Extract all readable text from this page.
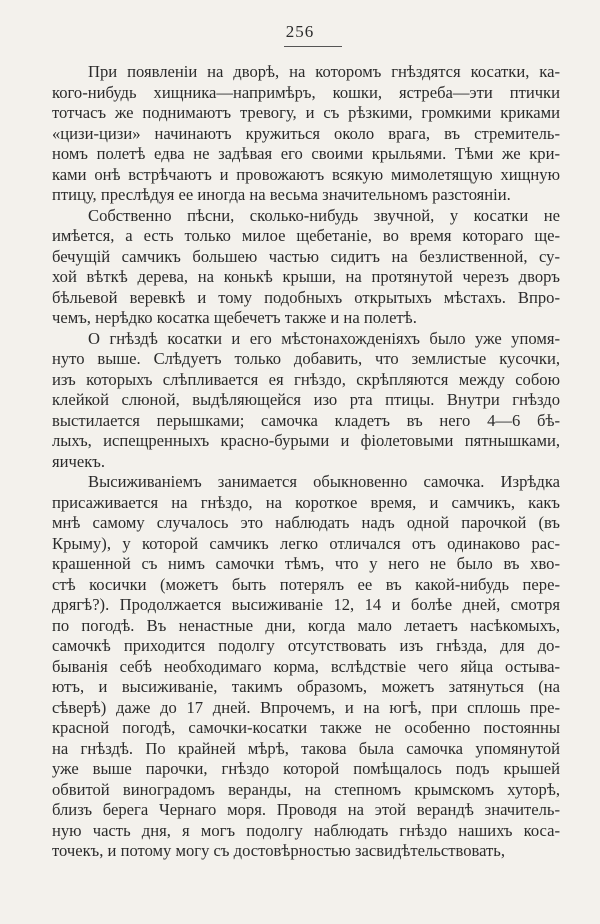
256
При появленіи на дворѣ, на которомъ гнѣздятся косатки, ка-
кого-нибудь хищника—напримѣръ, кошки, ястреба—эти птички
тотчасъ же поднимаютъ тревогу, и съ рѣзкими, громкими криками
«цизи-цизи» начинаютъ кружиться около врага, въ стремитель-
номъ полетѣ едва не задѣвая его своими крыльями. Тѣми же кри-
ками онѣ встрѣчаютъ и провожаютъ всякую мимолетящую хищную
птицу, преслѣдуя ее иногда на весьма значительномъ разстояніи.
Собственно пѣсни, сколько-нибудь звучной, у косатки не
имѣется, а есть только милое щебетаніе, во время котораго ще-
бечущій самчикъ большею частью сидитъ на безлиственной, су-
хой вѣткѣ дерева, на конькѣ крыши, на протянутой черезъ дворъ
бѣльевой веревкѣ и тому подобныхъ открытыхъ мѣстахъ. Впро-
чемъ, нерѣдко косатка щебечетъ также и на полетѣ.
О гнѣздѣ косатки и его мѣстонахожденіяхъ было уже упомя-
нуто выше. Слѣдуетъ только добавить, что землистые кусочки,
изъ которыхъ слѣпливается ея гнѣздо, скрѣпляются между собою
клейкой слюной, выдѣляющейся изо рта птицы. Внутри гнѣздо
выстилается перышками; самочка кладетъ въ него 4—6 бѣ-
лыхъ, испещренныхъ красно-бурыми и фіолетовыми пятнышками,
яичекъ.
Высиживаніемъ занимается обыкновенно самочка. Изрѣдка
присаживается на гнѣздо, на короткое время, и самчикъ, какъ
мнѣ самому случалось это наблюдать надъ одной парочкой (въ
Крыму), у которой самчикъ легко отличался отъ одинаково рас-
крашенной съ нимъ самочки тѣмъ, что у него не было въ хво-
стѣ косички (можетъ быть потерялъ ее въ какой-нибудь пере-
дрягѣ?). Продолжается высиживаніе 12, 14 и болѣе дней, смотря
по погодѣ. Въ ненастные дни, когда мало летаетъ насѣкомыхъ,
самочкѣ приходится подолгу отсутствовать изъ гнѣзда, для до-
быванія себѣ необходимаго корма, вслѣдствіе чего яйца остыва-
ютъ, и высиживаніе, такимъ образомъ, можетъ затянуться (на
сѣверѣ) даже до 17 дней. Впрочемъ, и на югѣ, при сплошь пре-
красной погодѣ, самочки-косатки также не особенно постоянны
на гнѣздѣ. По крайней мѣрѣ, такова была самочка упомянутой
уже выше парочки, гнѣздо которой помѣщалось подъ крышей
обвитой виноградомъ веранды, на степномъ крымскомъ хуторѣ,
близъ берега Чернаго моря. Проводя на этой верандѣ значитель-
ную часть дня, я могъ подолгу наблюдать гнѣздо нашихъ коса-
точекъ, и потому могу съ достовѣрностью засвидѣтельствовать,
